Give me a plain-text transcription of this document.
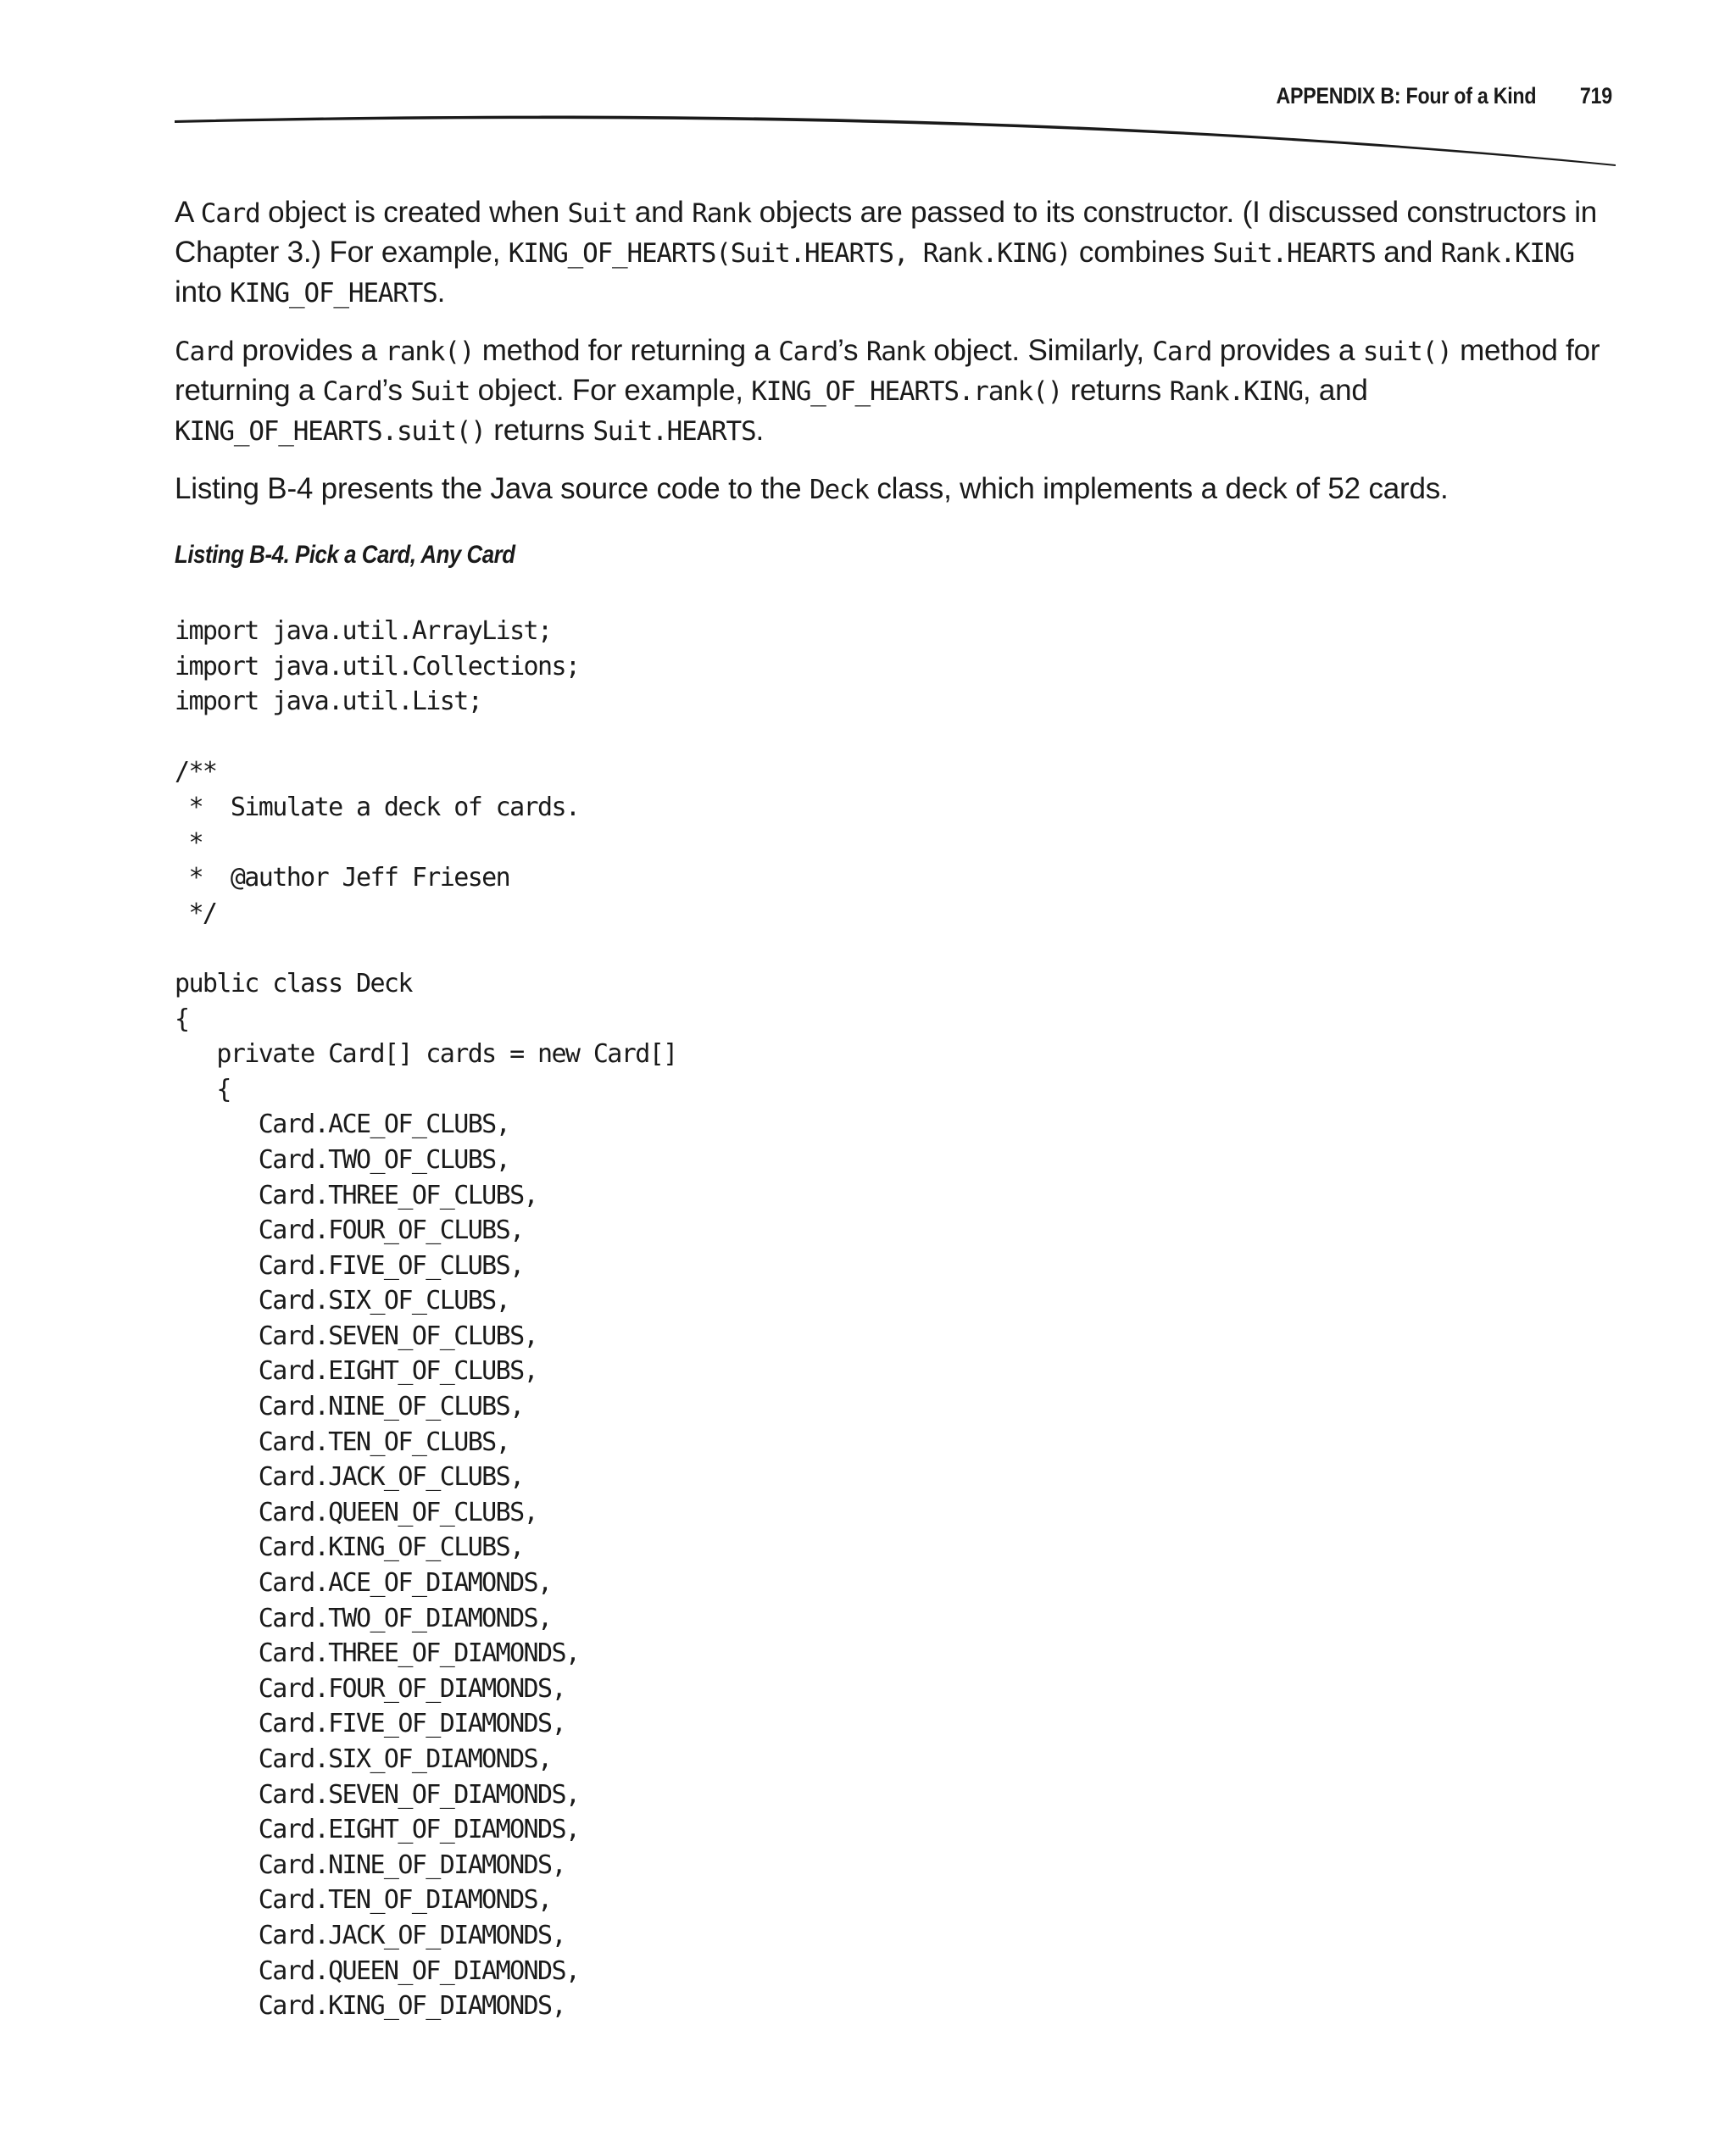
APPENDIX B: Four of a Kind 719

A Card object is created when Suit and Rank objects are passed to its constructor. (I discussed constructors in Chapter 3.) For example, KING_OF_HEARTS(Suit.HEARTS, Rank.KING) combines Suit.HEARTS and Rank.KING into KING_OF_HEARTS.

Card provides a rank() method for returning a Card’s Rank object. Similarly, Card provides a suit() method for returning a Card’s Suit object. For example, KING_OF_HEARTS.rank() returns Rank.KING, and KING_OF_HEARTS.suit() returns Suit.HEARTS.

Listing B-4 presents the Java source code to the Deck class, which implements a deck of 52 cards.

Listing B-4. Pick a Card, Any Card
import java.util.ArrayList;
import java.util.Collections;
import java.util.List;
/**
*  Simulate a deck of cards.
*
*  @author Jeff Friesen
*/
public class Deck
{
private Card[] cards = new Card[]
{
Card.ACE_OF_CLUBS,
Card.TWO_OF_CLUBS,
Card.THREE_OF_CLUBS,
Card.FOUR_OF_CLUBS,
Card.FIVE_OF_CLUBS,
Card.SIX_OF_CLUBS,
Card.SEVEN_OF_CLUBS,
Card.EIGHT_OF_CLUBS,
Card.NINE_OF_CLUBS,
Card.TEN_OF_CLUBS,
Card.JACK_OF_CLUBS,
Card.QUEEN_OF_CLUBS,
Card.KING_OF_CLUBS,
Card.ACE_OF_DIAMONDS,
Card.TWO_OF_DIAMONDS,
Card.THREE_OF_DIAMONDS,
Card.FOUR_OF_DIAMONDS,
Card.FIVE_OF_DIAMONDS,
Card.SIX_OF_DIAMONDS,
Card.SEVEN_OF_DIAMONDS,
Card.EIGHT_OF_DIAMONDS,
Card.NINE_OF_DIAMONDS,
Card.TEN_OF_DIAMONDS,
Card.JACK_OF_DIAMONDS,
Card.QUEEN_OF_DIAMONDS,
Card.KING_OF_DIAMONDS,
